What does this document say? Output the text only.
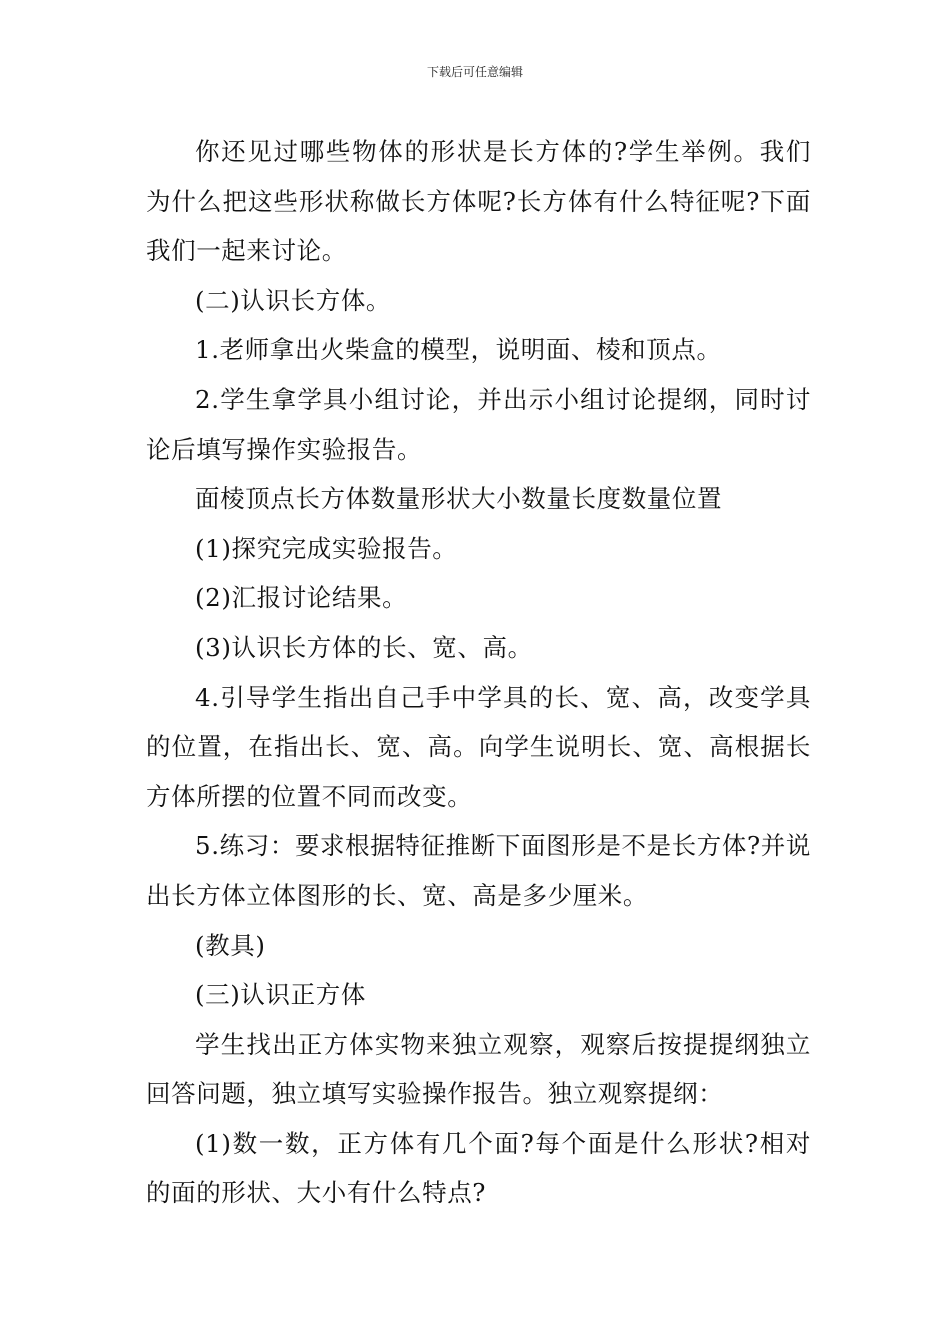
下载后可任意编辑

你还见过哪些物体的形状是长方体的?学生举例。我们为什么把这些形状称做长方体呢?长方体有什么特征呢?下面我们一起来讨论。

(二)认识长方体。

1.老师拿出火柴盒的模型，说明面、棱和顶点。

2.学生拿学具小组讨论，并出示小组讨论提纲，同时讨论后填写操作实验报告。

面棱顶点长方体数量形状大小数量长度数量位置

(1)探究完成实验报告。

(2)汇报讨论结果。

(3)认识长方体的长、宽、高。

4.引导学生指出自己手中学具的长、宽、高，改变学具的位置，在指出长、宽、高。向学生说明长、宽、高根据长方体所摆的位置不同而改变。

5.练习：要求根据特征推断下面图形是不是长方体?并说出长方体立体图形的长、宽、高是多少厘米。

(教具)

(三)认识正方体

学生找出正方体实物来独立观察，观察后按提提纲独立回答问题，独立填写实验操作报告。独立观察提纲：

(1)数一数，正方体有几个面?每个面是什么形状?相对的面的形状、大小有什么特点?
